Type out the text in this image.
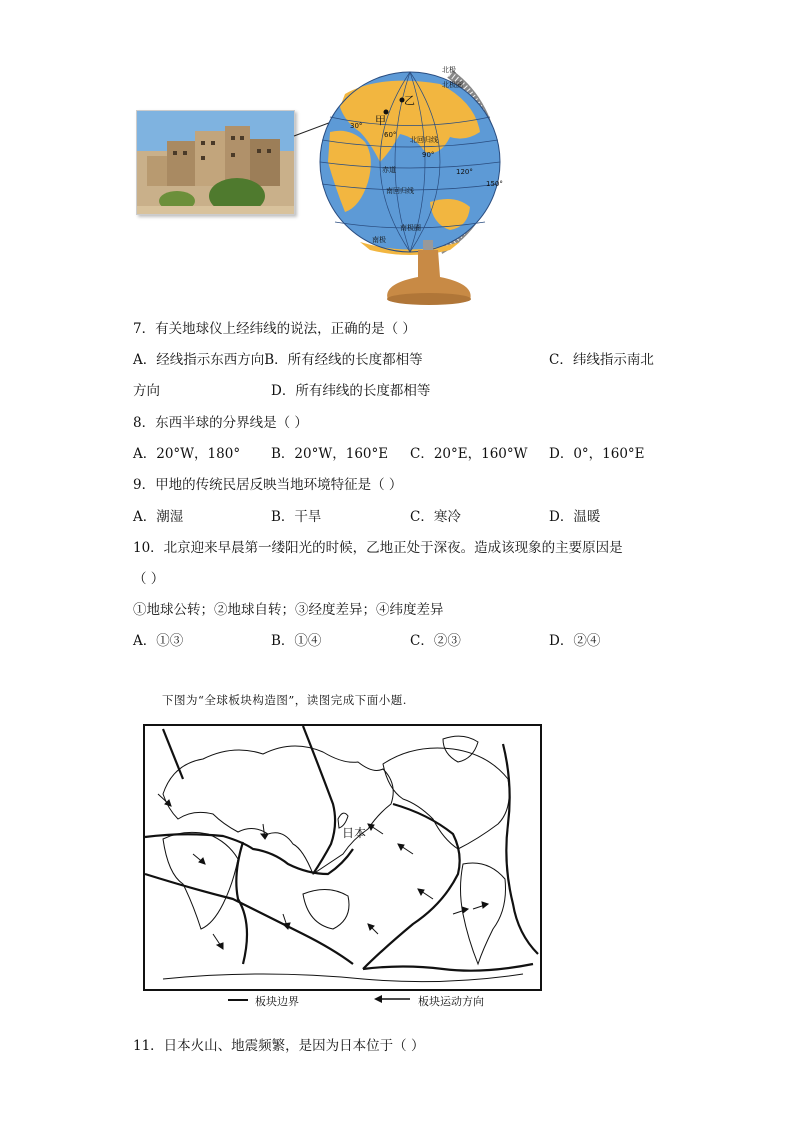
北极
北极圈
北回归线
赤道
南回归线
南极圈
南极
30°
60°
90°
120°
150°
甲
乙
7．有关地球仪上经纬线的说法，正确的是（ ）
A．经线指示东西方向B．所有经线的长度都相等	C．纬线指示南北
方向	D．所有纬线的长度都相等
8．东西半球的分界线是（ ）
A．20°W，180° B．20°W，160°E C．20°E，160°W D．0°，160°E
9．甲地的传统民居反映当地环境特征是（ ）
A．潮湿	B．干旱	C．寒冷	D．温暖
10．北京迎来早晨第一缕阳光的时候，乙地正处于深夜。造成该现象的主要原因是
（ ）
①地球公转；②地球自转；③经度差异；④纬度差异
A．①③	B．①④	C．②③	D．②④
下图为“全球板块构造图”，读图完成下面小题.
日本
板块边界	板块运动方向
11．日本火山、地震频繁，是因为日本位于（ ）
